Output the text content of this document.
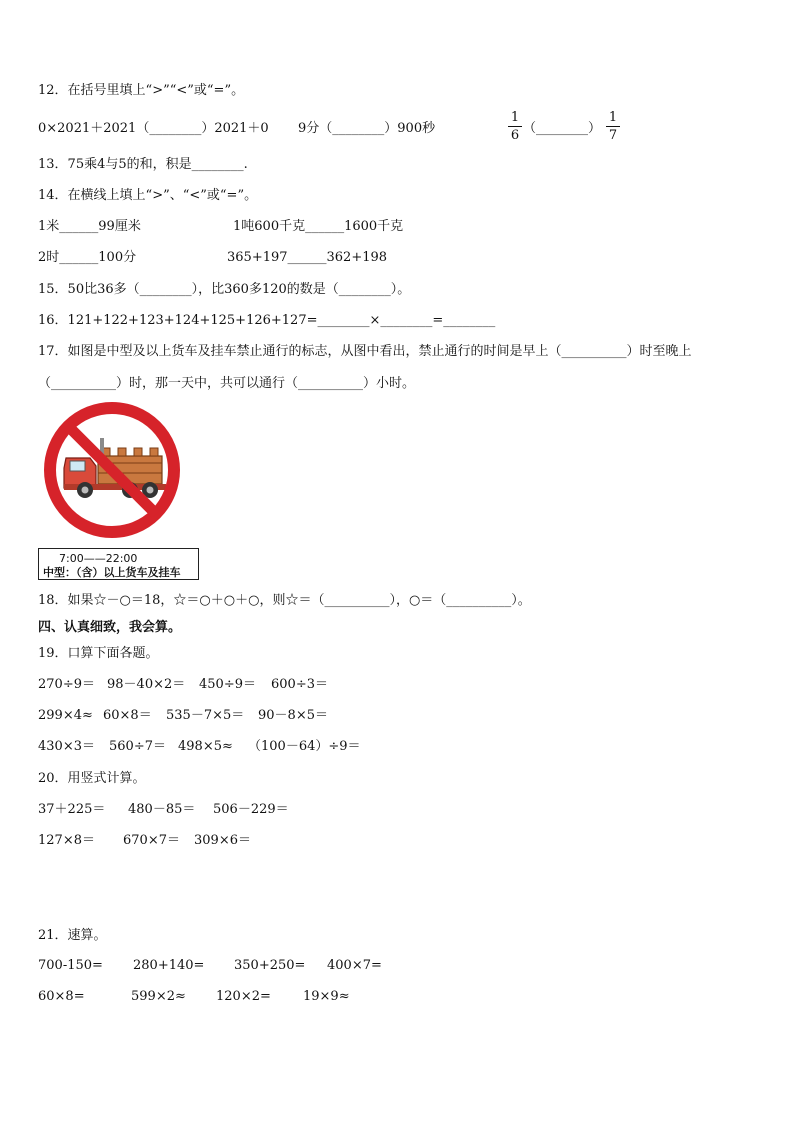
12．在括号里填上“>”“<”或“=”。
0×2021＋2021（________）2021＋0 9分（________）900秒
1
6 （________）
1
7
13．75乘4与5的和，积是________.
14．在横线上填上“>”、“<”或“=”。
1米______99厘米	1吨600千克______1600千克
2时______100分	365+197______362+198
15．50比36多（________），比360多120的数是（________）。
16．121+122+123+124+125+126+127=________×________=________
17．如图是中型及以上货车及挂车禁止通行的标志，从图中看出，禁止通行的时间是早上（__________）时至晚上
（__________）时，那一天中，共可以通行（__________）小时。
7:00——22:00
中型：（含）以上货车及挂车
18．如果☆－○＝18，☆＝○＋○＋○，则☆＝（__________），○＝（__________）。
四、认真细致，我会算。
19．口算下面各题。
270÷9＝ 98－40×2＝ 450÷9＝ 600÷3＝
299×4≈ 60×8＝ 535－7×5＝ 90－8×5＝
430×3＝ 560÷7＝ 498×5≈ （100－64）÷9＝
20．用竖式计算。
37＋225＝ 480－85＝ 506－229＝
127×8＝ 670×7＝ 309×6＝
21．速算。
700-150= 280+140= 350+250= 400×7=
60×8=	599×2≈ 120×2= 19×9≈
